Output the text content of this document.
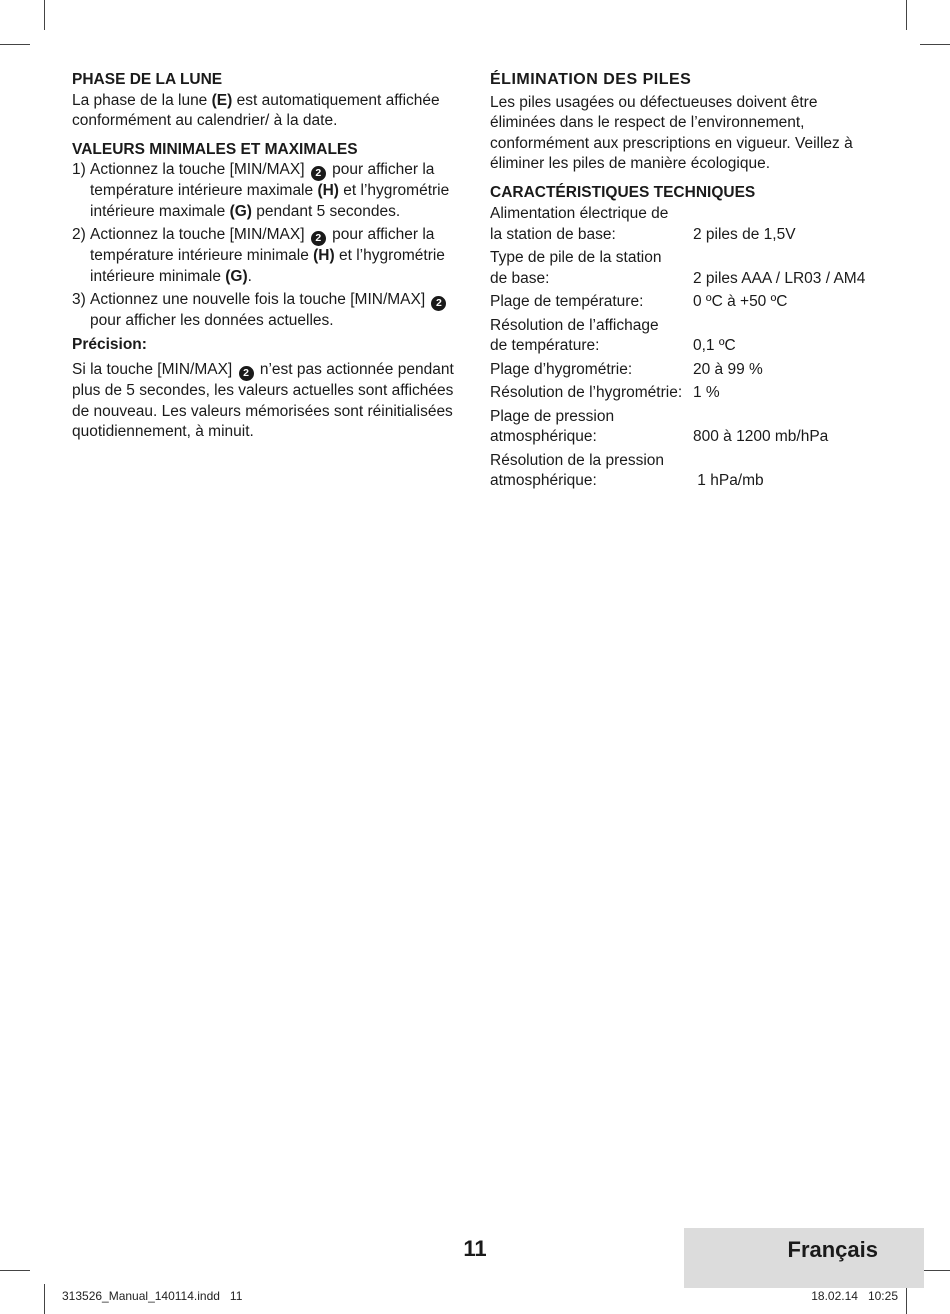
PHASE DE LA LUNE

La phase de la lune (E) est automatiquement affichée conformément au calendrier/ à la date.

VALEURS MINIMALES ET MAXIMALES
1) Actionnez la touche [MIN/MAX] 2 pour afficher la température intérieure maximale (H) et l’hygrométrie intérieure maximale (G) pendant 5 secondes.
2) Actionnez la touche [MIN/MAX] 2 pour afficher la température intérieure minimale (H) et l’hygrométrie intérieure minimale (G).
3) Actionnez une nouvelle fois la touche [MIN/MAX] 2 pour afficher les données actuelles.
Précision:

Si la touche [MIN/MAX] 2 n’est pas actionnée pendant plus de 5 secondes, les valeurs actuelles sont affichées de nouveau. Les valeurs mémorisées sont réinitialisées quotidiennement, à minuit.

ÉLIMINATION DES PILES

Les piles usagées ou défectueuses doivent être éliminées dans le respect de l’environnement, conformément aux prescriptions en vigueur. Veillez à éliminer les piles de manière écologique.

CARACTÉRISTIQUES TECHNIQUES
Alimentation électrique de
la station de base:	2 piles de 1,5V
Type de pile de la station
de base:	2 piles AAA / LR03 / AM4
Plage de température:	0 ºC à +50 ºC
Résolution de l’affichage
de température:	0,1 ºC
Plage d’hygrométrie:	20 à 99 %
Résolution de l’hygrométrie:	1 %
Plage de pression
atmosphérique:	800 à 1200 mb/hPa
Résolution de la pression
atmosphérique:	1 hPa/mb
11	Français
313526_Manual_140114.indd   11	18.02.14   10:25
